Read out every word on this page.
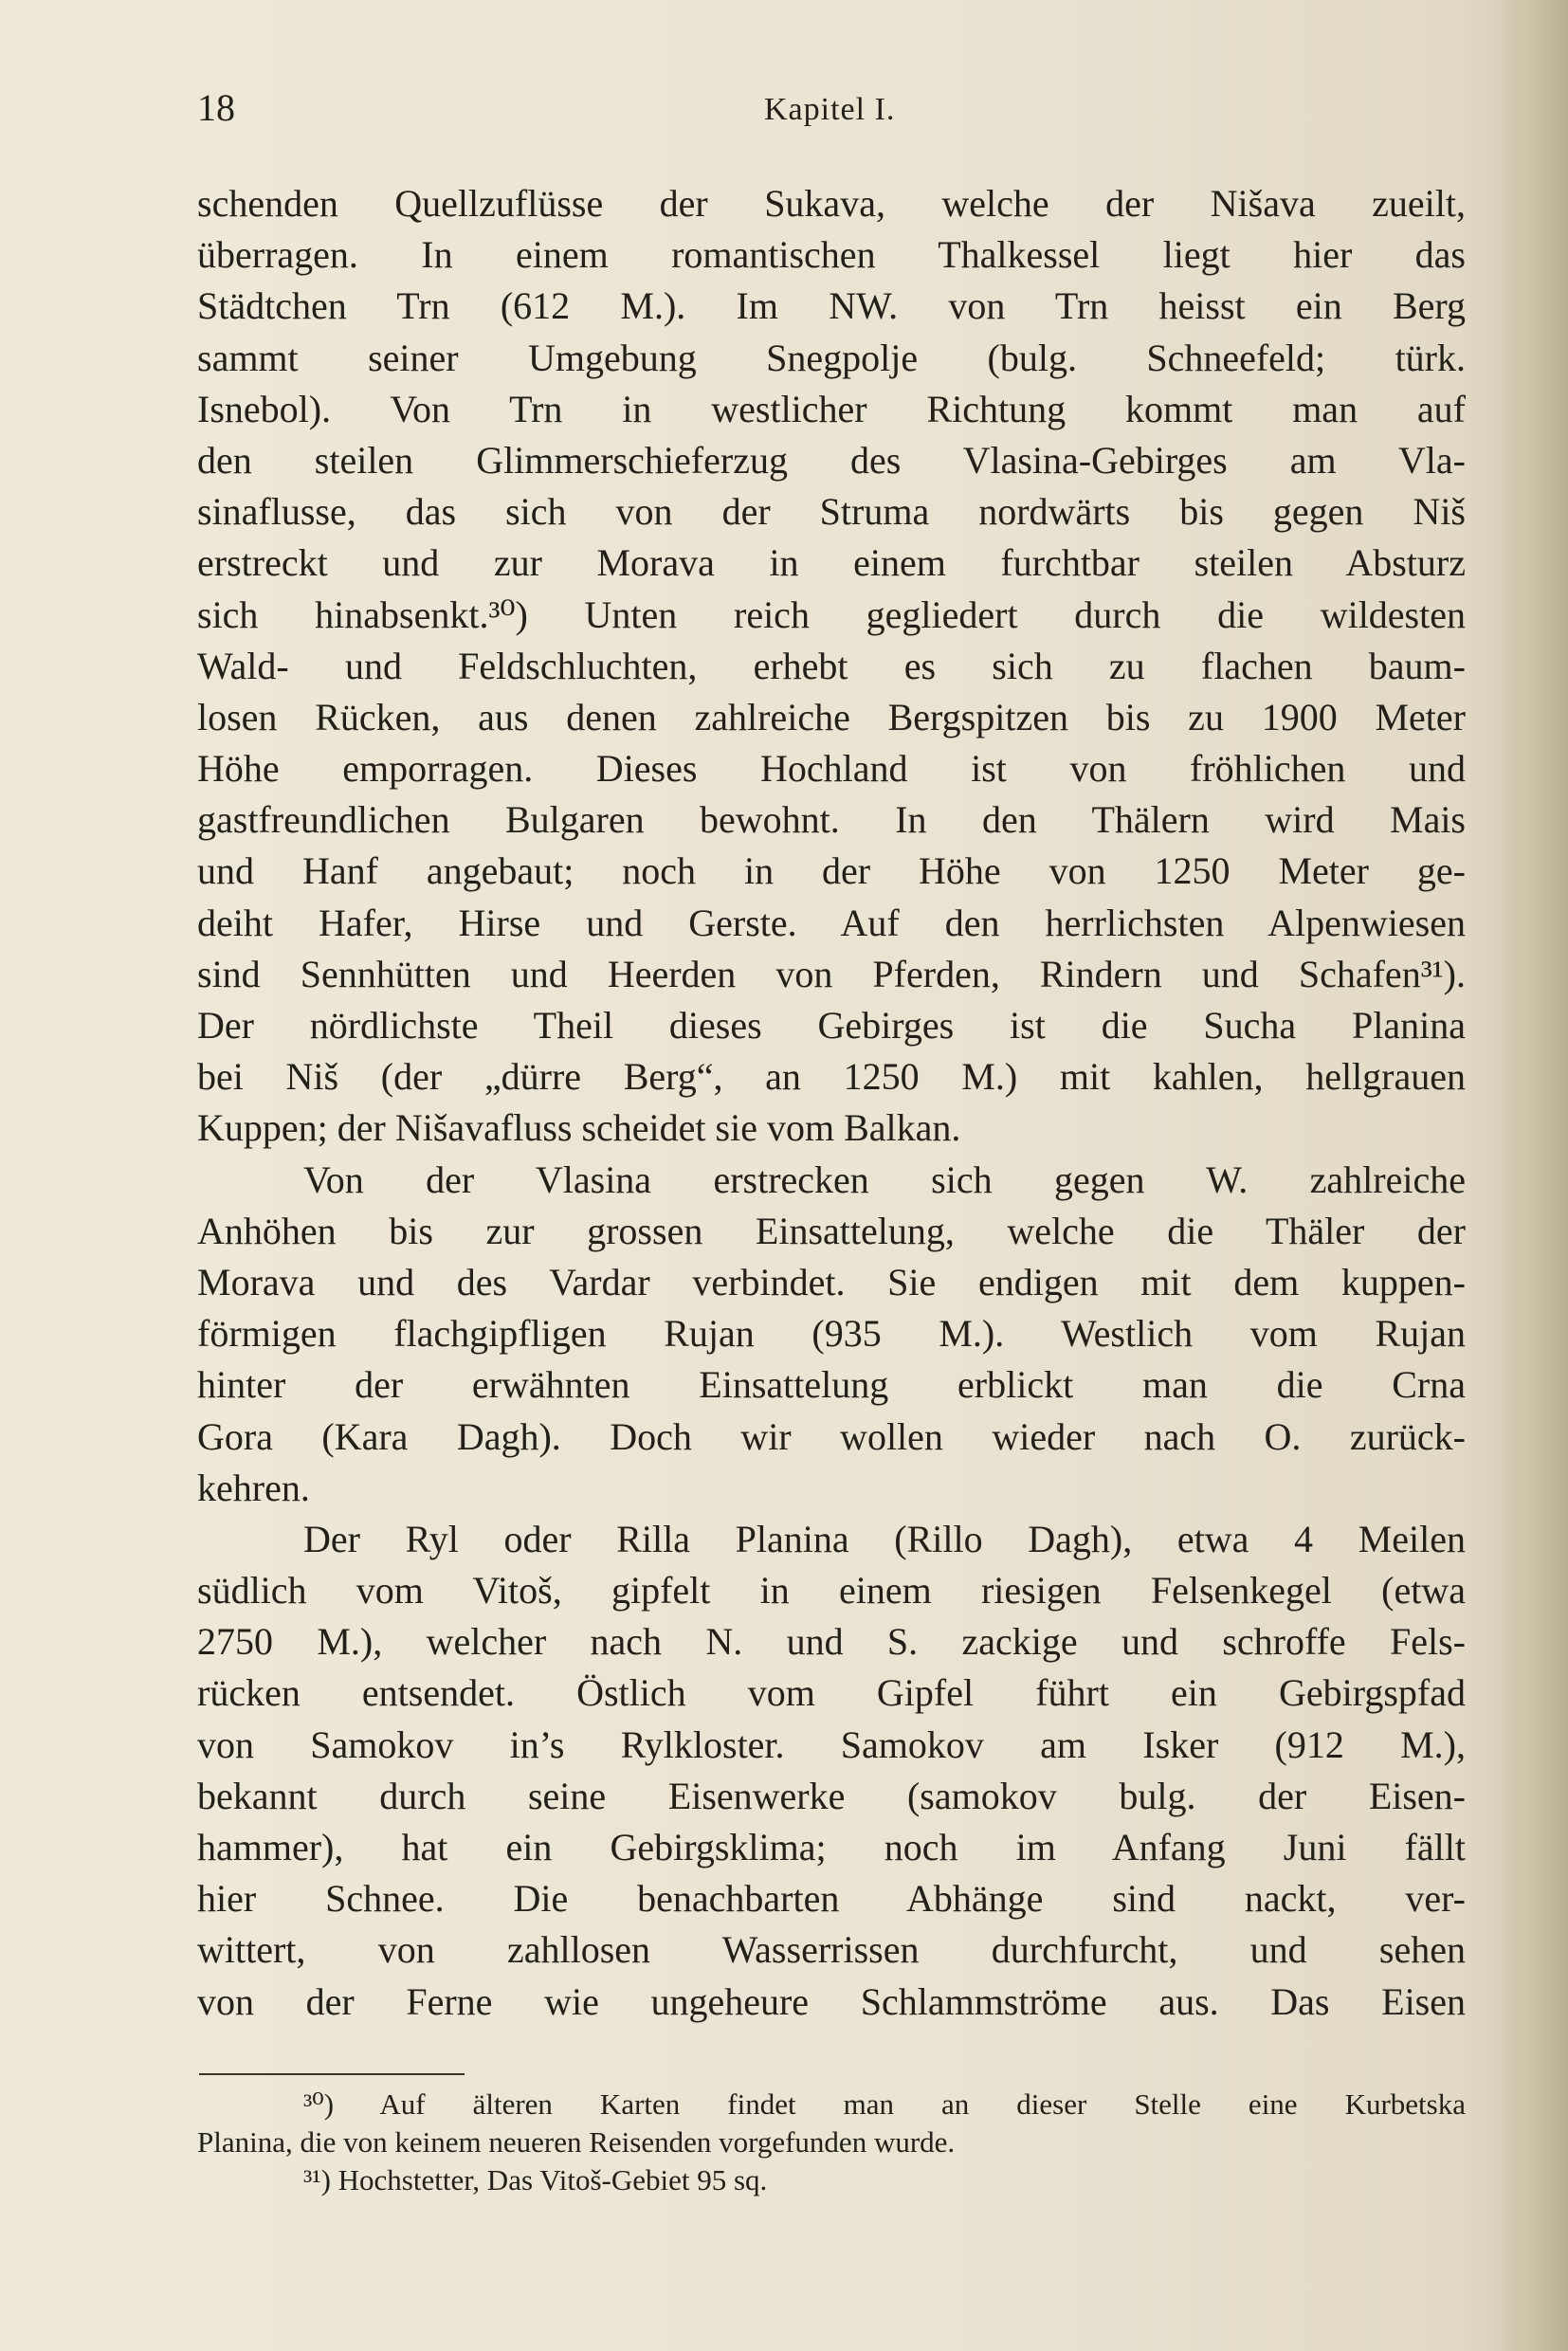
18	Kapitel I.
schenden Quellzuflüsse der Sukava, welche der Nišava zueilt,
überragen. In einem romantischen Thalkessel liegt hier das
Städtchen Trn (612 M.). Im NW. von Trn heisst ein Berg
sammt seiner Umgebung Snegpolje (bulg. Schneefeld; türk.
Isnebol). Von Trn in westlicher Richtung kommt man auf
den steilen Glimmerschieferzug des Vlasina-Gebirges am Vla-
sinaflusse, das sich von der Struma nordwärts bis gegen Niš
erstreckt und zur Morava in einem furchtbar steilen Absturz
sich hinabsenkt.³⁰) Unten reich gegliedert durch die wildesten
Wald- und Feldschluchten, erhebt es sich zu flachen baum-
losen Rücken, aus denen zahlreiche Bergspitzen bis zu 1900 Meter
Höhe emporragen. Dieses Hochland ist von fröhlichen und
gastfreundlichen Bulgaren bewohnt. In den Thälern wird Mais
und Hanf angebaut; noch in der Höhe von 1250 Meter ge-
deiht Hafer, Hirse und Gerste. Auf den herrlichsten Alpenwiesen
sind Sennhütten und Heerden von Pferden, Rindern und Schafen³¹).
Der nördlichste Theil dieses Gebirges ist die Sucha Planina
bei Niš (der „dürre Berg“, an 1250 M.) mit kahlen, hellgrauen
Kuppen; der Nišavafluss scheidet sie vom Balkan.
Von der Vlasina erstrecken sich gegen W. zahlreiche
Anhöhen bis zur grossen Einsattelung, welche die Thäler der
Morava und des Vardar verbindet. Sie endigen mit dem kuppen-
förmigen flachgipfligen Rujan (935 M.). Westlich vom Rujan
hinter der erwähnten Einsattelung erblickt man die Crna
Gora (Kara Dagh). Doch wir wollen wieder nach O. zurück-
kehren.
Der Ryl oder Rilla Planina (Rillo Dagh), etwa 4 Meilen
südlich vom Vitoš, gipfelt in einem riesigen Felsenkegel (etwa
2750 M.), welcher nach N. und S. zackige und schroffe Fels-
rücken entsendet. Östlich vom Gipfel führt ein Gebirgspfad
von Samokov in’s Rylkloster. Samokov am Isker (912 M.),
bekannt durch seine Eisenwerke (samokov bulg. der Eisen-
hammer), hat ein Gebirgsklima; noch im Anfang Juni fällt
hier Schnee. Die benachbarten Abhänge sind nackt, ver-
wittert, von zahllosen Wasserrissen durchfurcht, und sehen
von der Ferne wie ungeheure Schlammströme aus. Das Eisen
³⁰) Auf älteren Karten findet man an dieser Stelle eine Kurbetska
Planina, die von keinem neueren Reisenden vorgefunden wurde.
³¹) Hochstetter, Das Vitoš-Gebiet 95 sq.
